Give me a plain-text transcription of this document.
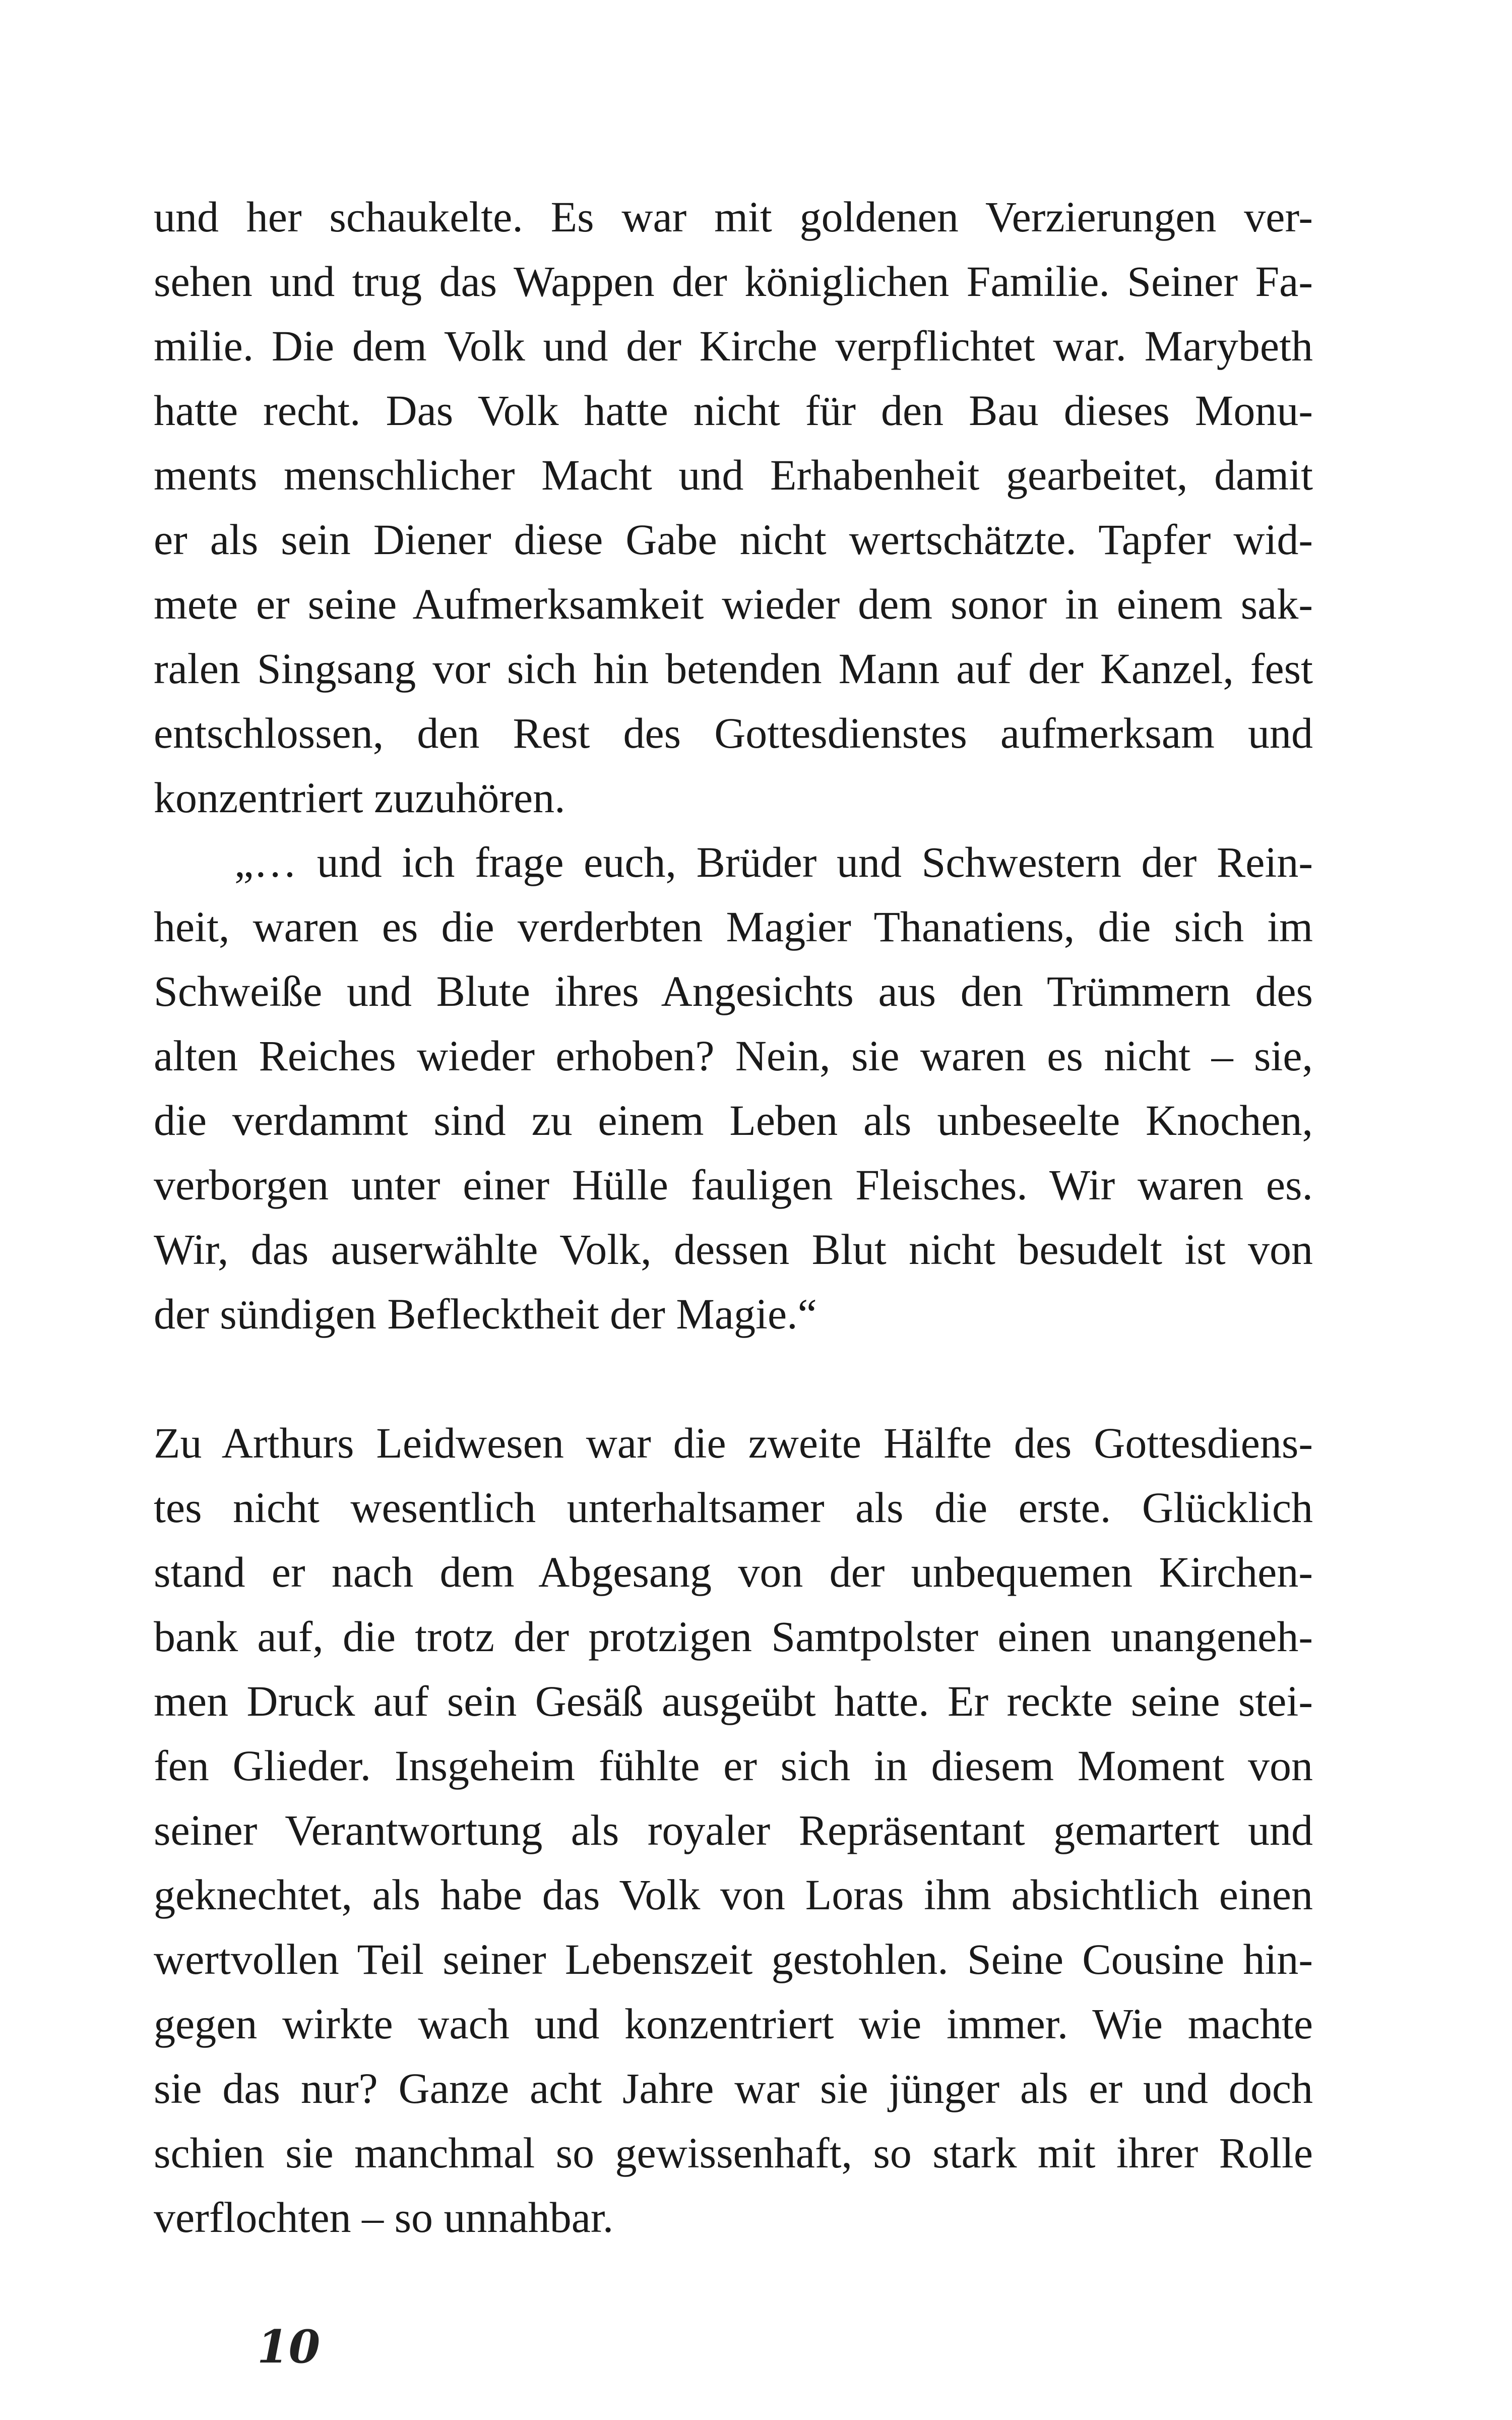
und her schaukelte. Es war mit goldenen Verzierungen ver-
sehen und trug das Wappen der königlichen Familie. Seiner Fa-
milie. Die dem Volk und der Kirche verpflichtet war. Marybeth
hatte recht. Das Volk hatte nicht für den Bau dieses Monu-
ments menschlicher Macht und Erhabenheit gearbeitet, damit
er als sein Diener diese Gabe nicht wertschätzte. Tapfer wid-
mete er seine Aufmerksamkeit wieder dem sonor in einem sak-
ralen Singsang vor sich hin betenden Mann auf der Kanzel, fest
entschlossen, den Rest des Gottesdienstes aufmerksam und
konzentriert zuzuhören.
„… und ich frage euch, Brüder und Schwestern der Rein-
heit, waren es die verderbten Magier Thanatiens, die sich im
Schweiße und Blute ihres Angesichts aus den Trümmern des
alten Reiches wieder erhoben? Nein, sie waren es nicht – sie,
die verdammt sind zu einem Leben als unbeseelte Knochen,
verborgen unter einer Hülle fauligen Fleisches. Wir waren es.
Wir, das auserwählte Volk, dessen Blut nicht besudelt ist von
der sündigen Beflecktheit der Magie.“
Zu Arthurs Leidwesen war die zweite Hälfte des Gottesdiens-
tes nicht wesentlich unterhaltsamer als die erste. Glücklich
stand er nach dem Abgesang von der unbequemen Kirchen-
bank auf, die trotz der protzigen Samtpolster einen unangeneh-
men Druck auf sein Gesäß ausgeübt hatte. Er reckte seine stei-
fen Glieder. Insgeheim fühlte er sich in diesem Moment von
seiner Verantwortung als royaler Repräsentant gemartert und
geknechtet, als habe das Volk von Loras ihm absichtlich einen
wertvollen Teil seiner Lebenszeit gestohlen. Seine Cousine hin-
gegen wirkte wach und konzentriert wie immer. Wie machte
sie das nur? Ganze acht Jahre war sie jünger als er und doch
schien sie manchmal so gewissenhaft, so stark mit ihrer Rolle
verflochten – so unnahbar.
10
